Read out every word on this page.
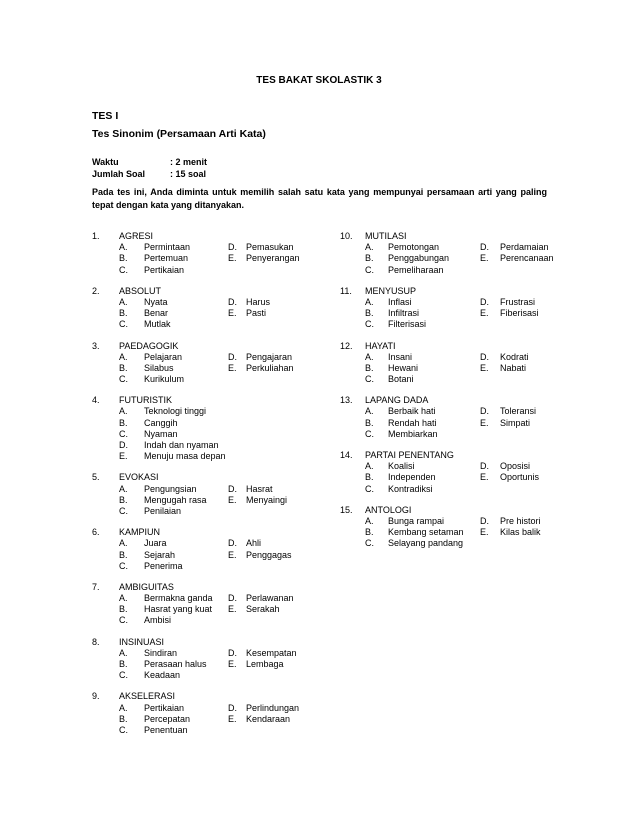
TES BAKAT SKOLASTIK 3
TES I
Tes Sinonim (Persamaan Arti Kata)
Waktu	: 2 menit
Jumlah Soal	: 15 soal
Pada tes ini, Anda diminta untuk memilih salah satu kata yang mempunyai persamaan arti yang paling tepat dengan kata yang ditanyakan.
1. AGRESI
A. Permintaan	D. Pemasukan
B. Pertemuan	E. Penyerangan
C. Pertikaian
2. ABSOLUT
A. Nyata	D. Harus
B. Benar	E. Pasti
C. Mutlak
3. PAEDAGOGIK
A. Pelajaran	D. Pengajaran
B. Silabus	E. Perkuliahan
C. Kurikulum
4. FUTURISTIK
A. Teknologi tinggi
B. Canggih
C. Nyaman
D. Indah dan nyaman
E. Menuju masa depan
5. EVOKASI
A. Pengungsian	D. Hasrat
B. Mengugah rasa E. Menyaingi
C. Penilaian
6. KAMPIUN
A. Juara	D. Ahli
B. Sejarah	E. Penggagas
C. Penerima
7. AMBIGUITAS
A. Bermakna ganda D. Perlawanan
B. Hasrat yang kuat E. Serakah
C. Ambisi
8. INSINUASI
A. Sindiran	D. Kesempatan
B. Perasaan halus E. Lembaga
C. Keadaan
9. AKSELERASI
A. Pertikaian	D. Perlindungan
B. Percepatan	E. Kendaraan
C. Penentuan
10. MUTILASI
A. Pemotongan	D. Perdamaian
B. Penggabungan	E. Perencanaan
C. Pemeliharaan
11. MENYUSUP
A. Inflasi	D. Frustrasi
B. Infiltrasi	E. Fiberisasi
C. Filterisasi
12. HAYATI
A. Insani	D. Kodrati
B. Hewani	E. Nabati
C. Botani
13. LAPANG DADA
A. Berbaik hati	D. Toleransi
B. Rendah hati	E. Simpati
C. Membiarkan
14. PARTAI PENENTANG
A. Koalisi	D. Oposisi
B. Independen	E. Oportunis
C. Kontradiksi
15. ANTOLOGI
A. Bunga rampai	D. Pre histori
B. Kembang setaman E. Kilas balik
C. Selayang pandang
